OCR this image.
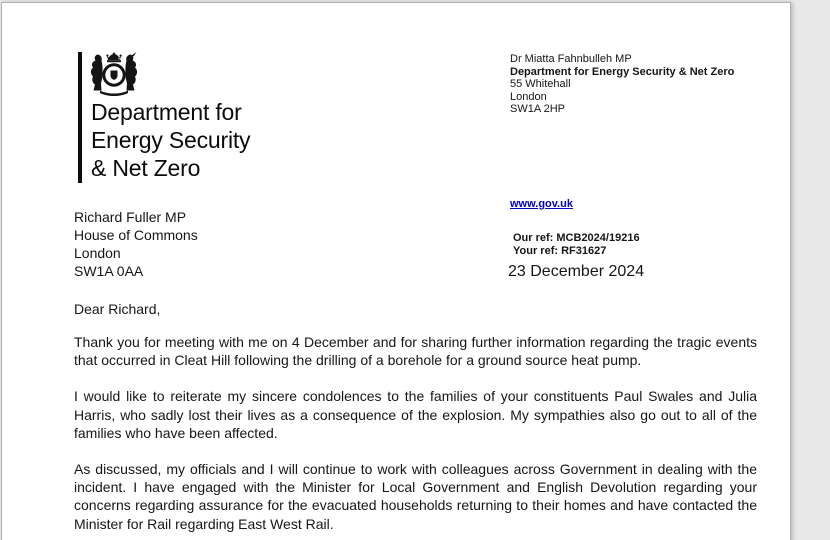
Department for
Energy Security
& Net Zero
Dr Miatta Fahnbulleh MP
Department for Energy Security & Net Zero
55 Whitehall
London
SW1A 2HP
www.gov.uk
Our ref: MCB2024/19216
Your ref: RF31627
23 December 2024
Richard Fuller MP
House of Commons
London
SW1A 0AA
Dear Richard,

Thank you for meeting with me on 4 December and for sharing further information regarding the tragic events that occurred in Cleat Hill following the drilling of a borehole for a ground source heat pump.

I would like to reiterate my sincere condolences to the families of your constituents Paul Swales and Julia Harris, who sadly lost their lives as a consequence of the explosion. My sympathies also go out to all of the families who have been affected.

As discussed, my officials and I will continue to work with colleagues across Government in dealing with the incident. I have engaged with the Minister for Local Government and English Devolution regarding your concerns regarding assurance for the evacuated households returning to their homes and have contacted the Minister for Rail regarding East West Rail.
